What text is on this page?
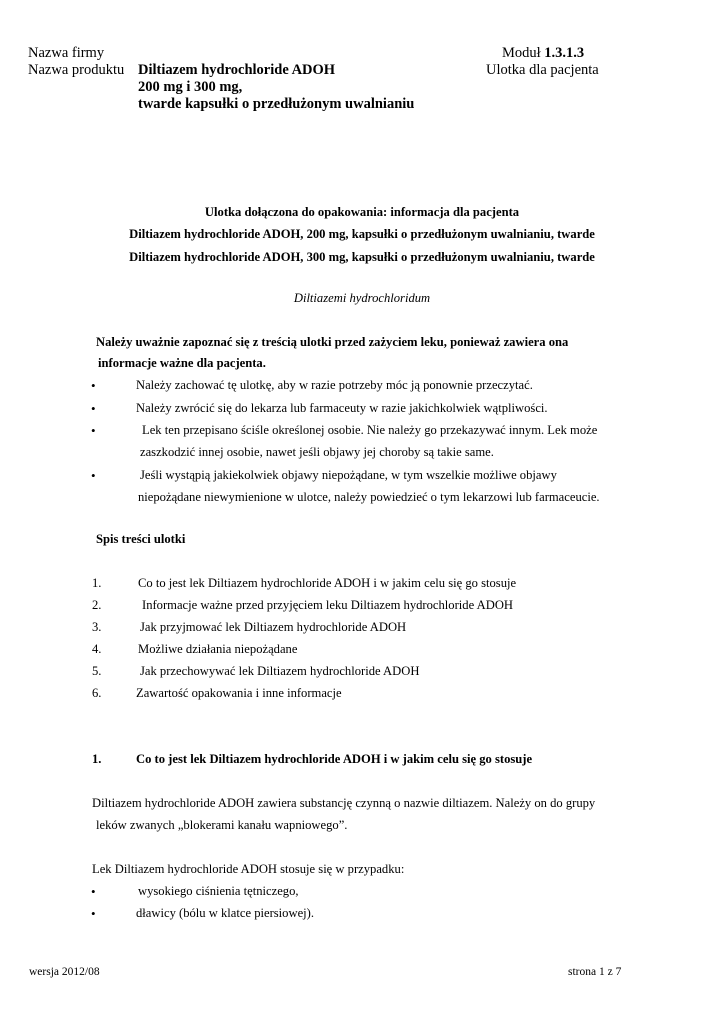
Nazwa firmy
Nazwa produktu Diltiazem hydrochloride ADOH
200 mg i 300 mg,
twarde kapsułki o przedłużonym uwalnianiu
Moduł 1.3.1.3
Ulotka dla pacjenta
Ulotka dołączona do opakowania: informacja dla pacjenta
Diltiazem hydrochloride ADOH, 200 mg, kapsułki o przedłużonym uwalnianiu, twarde
Diltiazem hydrochloride ADOH, 300 mg, kapsułki o przedłużonym uwalnianiu, twarde
Diltiazemi hydrochloridum
Należy uważnie zapoznać się z treścią ulotki przed zażyciem leku, ponieważ zawiera ona
informacje ważne dla pacjenta.
•	Należy zachować tę ulotkę, aby w razie potrzeby móc ją ponownie przeczytać.
•	Należy zwrócić się do lekarza lub farmaceuty w razie jakichkolwiek wątpliwości.
•	Lek ten przepisano ściśle określonej osobie. Nie należy go przekazywać innym. Lek może
zaszkodzić innej osobie, nawet jeśli objawy jej choroby są takie same.
•	Jeśli wystąpią jakiekolwiek objawy niepożądane, w tym wszelkie możliwe objawy
niepożądane niewymienione w ulotce, należy powiedzieć o tym lekarzowi lub farmaceucie.
Spis treści ulotki
1.	Co to jest lek Diltiazem hydrochloride ADOH i w jakim celu się go stosuje
2.	Informacje ważne przed przyjęciem leku Diltiazem hydrochloride ADOH
3.	Jak przyjmować lek Diltiazem hydrochloride ADOH
4.	Możliwe działania niepożądane
5.	Jak przechowywać lek Diltiazem hydrochloride ADOH
6.	Zawartość opakowania i inne informacje
1.	Co to jest lek Diltiazem hydrochloride ADOH i w jakim celu się go stosuje
Diltiazem hydrochloride ADOH zawiera substancję czynną o nazwie diltiazem. Należy on do grupy
leków zwanych „blokerami kanału wapniowego”.
Lek Diltiazem hydrochloride ADOH stosuje się w przypadku:
•	wysokiego ciśnienia tętniczego,
•	dławicy (bólu w klatce piersiowej).
wersja 2012/08	strona 1 z 7
